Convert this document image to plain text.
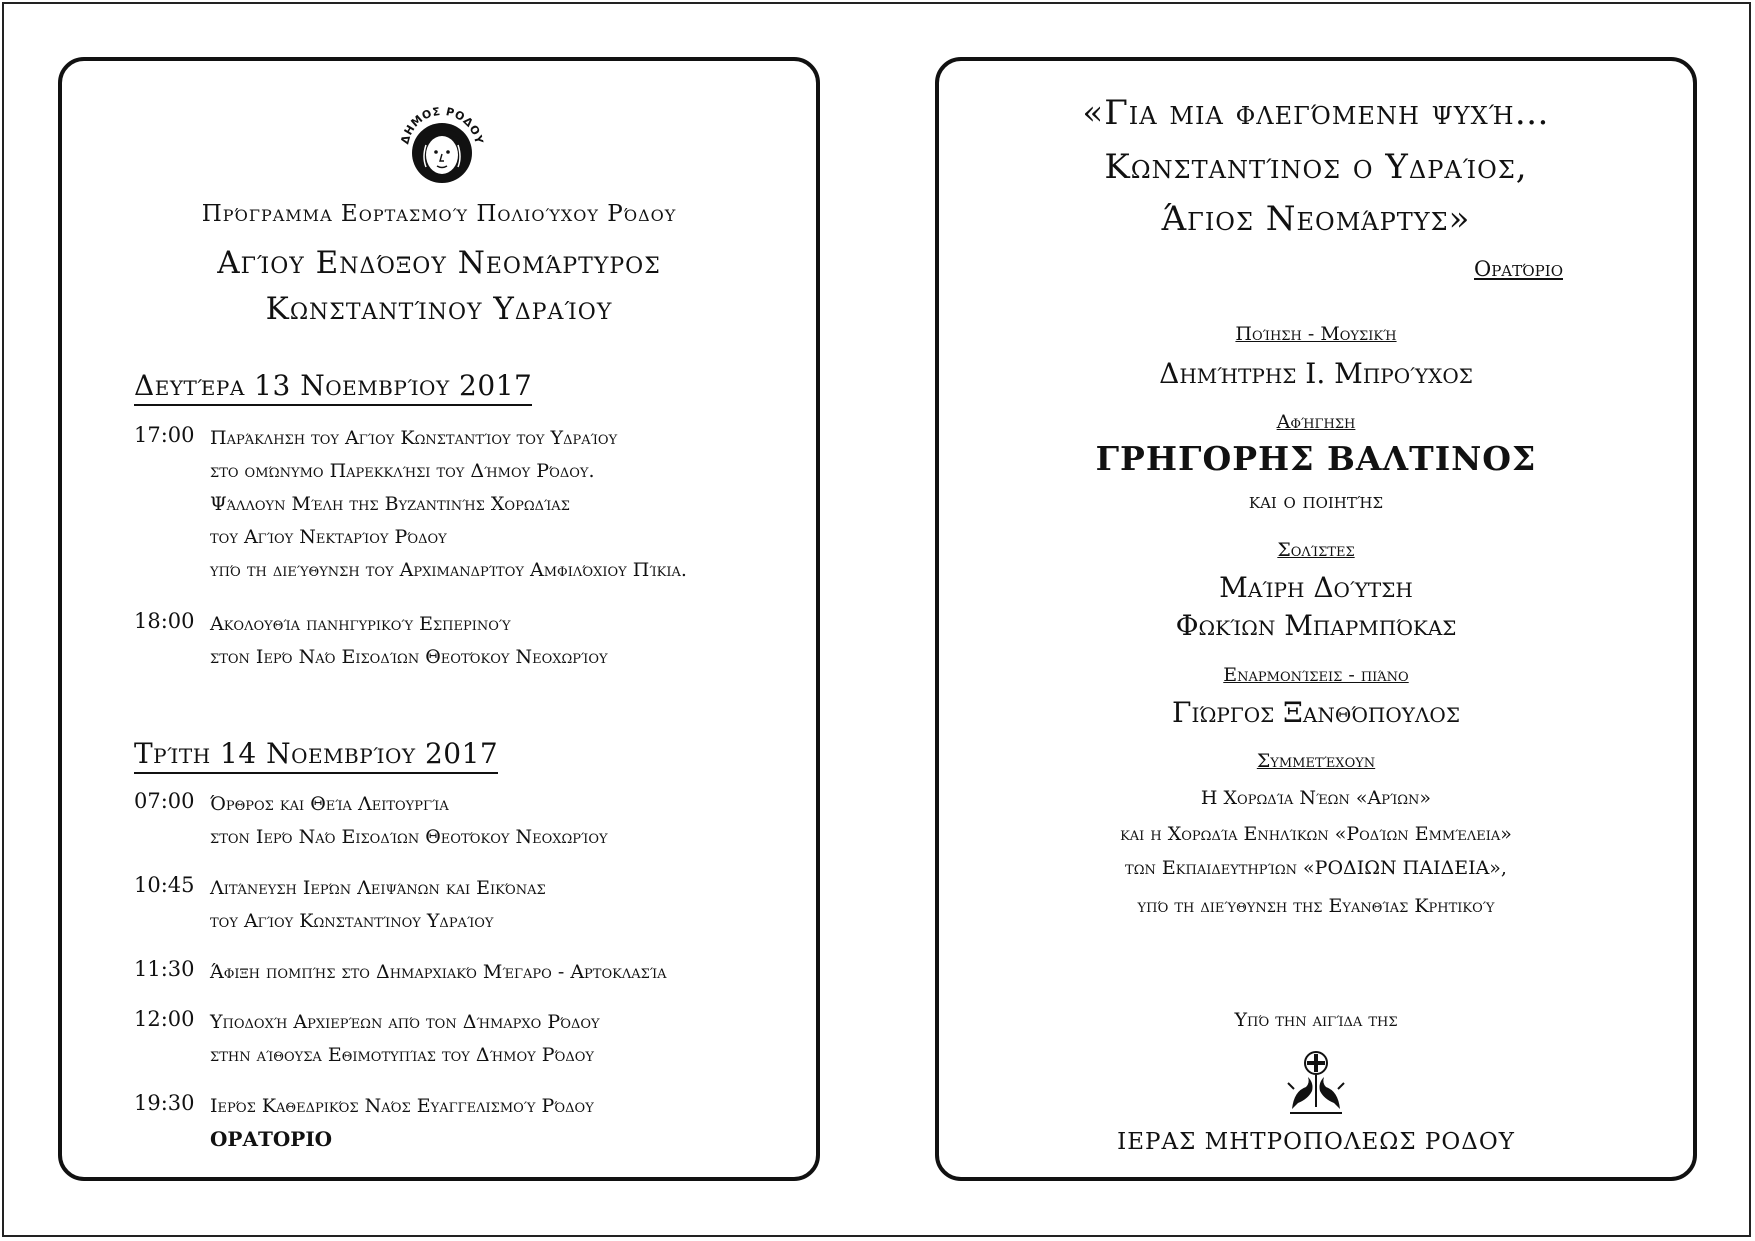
ΔΗΜΟΣ ΡΟΔΟΥ
Πρόγραμμα Εορτασμού Πολιούχου Ρόδου
Αγίου Ενδόξου Νεομάρτυρος
Κωνσταντίνου Υδραίου
Δευτέρα 13 Νοεμβρίου 2017
17:00 Παράκληση του Αγίου Κωνσταντίου του Υδραίου
στο ομώνυμο Παρεκκλήσι του Δήμου Ρόδου.
Ψάλλουν Μέλη της Βυζαντινής Χορωδίας
του Αγίου Νεκταρίου Ρόδου
υπό τη διεύθυνση του Αρχιμανδρίτου Αμφιλόχιου Πίκια.
18:00 Ακολουθία πανηγυρικού Εσπερινού
στον Ιερό Ναό Εισοδίων Θεοτόκου Νεοχωρίου
Τρίτη 14 Νοεμβρίου 2017
07:00 Όρθρος και Θεία Λειτουργία
στον Ιερό Ναό Εισοδίων Θεοτόκου Νεοχωρίου
10:45 Λιτάνευση Ιερών Λειψάνων και Εικόνας
του Αγίου Κωνσταντίνου Υδραίου
11:30 Άφιξη πομπής στο Δημαρχιακό Μέγαρο - Αρτοκλασία
12:00 Υποδοχή Αρχιερέων από τον Δήμαρχο Ρόδου
στην αίθουσα Εθιμοτυπίας του Δήμου Ρόδου
19:30 Ιερός Καθεδρικός Ναός Ευαγγελισμού Ρόδου
ΟΡΑΤΟΡΙΟ
«Για μια φλεγόμενη ψυχή…
Κωνσταντίνος ο Υδραίος,
Άγιος Νεομάρτυς»
Ορατόριο
Ποίηση - Μουσική
Δημήτρης Ι. Μπρούχος
Αφήγηση
ΓΡΗΓΟΡΗΣ ΒΑΛΤΙΝΟΣ
και ο ποιητής
Σολίστες
Μαίρη Δούτση
Φωκίων Μπαρμπόκας
Εναρμονίσεις - πιάνο
Γιώργος Ξανθόπουλος
Συμμετέχουν
Η Χορωδία Νέων «Αρίων»
και η Χορωδία Ενηλίκων «Ροδίων Εμμέλεια»
των Εκπαιδευτηρίων «ΡΟΔΙΩΝ ΠΑΙΔΕΙΑ»,
υπό τη διεύθυνση της Ευανθίας Κρητικού
Υπό την αιγίδα της
ΙΕΡΑΣ ΜΗΤΡΟΠΟΛΕΩΣ ΡΟΔΟΥ
